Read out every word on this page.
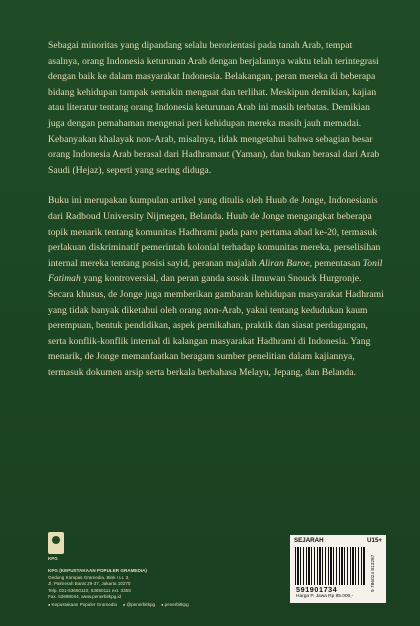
Sebagai minoritas yang dipandang selalu berorientasi pada tanah Arab, tempat asalnya, orang Indonesia keturunan Arab dengan berjalannya waktu telah terintegrasi dengan baik ke dalam masyarakat Indonesia. Belakangan, peran mereka di beberapa bidang kehidupan tampak semakin menguat dan terlihat. Meskipun demikian, kajian atau literatur tentang orang Indonesia keturunan Arab ini masih terbatas. Demikian juga dengan pemahaman mengenai peri kehidupan mereka masih jauh memadai. Kebanyakan khalayak non-Arab, misalnya, tidak mengetahui bahwa sebagian besar orang Indonesia Arab berasal dari Hadhramaut (Yaman), dan bukan berasal dari Arab Saudi (Hejaz), seperti yang sering diduga.

Buku ini merupakan kumpulan artikel yang ditulis oleh Huub de Jonge, Indonesianis dari Radboud University Nijmegen, Belanda. Huub de Jonge mengangkat beberapa topik menarik tentang komunitas Hadhrami pada paro pertama abad ke-20, termasuk perlakuan diskriminatif pemerintah kolonial terhadap komunitas mereka, perselisihan internal mereka tentang posisi sayid, peranan majalah Aliran Baroe, pementasan Tonil Fatimah yang kontroversial, dan peran ganda sosok ilmuwan Snouck Hurgronje. Secara khusus, de Jonge juga memberikan gambaran kehidupan masyarakat Hadhrami yang tidak banyak diketahui oleh orang non-Arab, yakni tentang kedudukan kaum perempuan, bentuk pendidikan, aspek pernikahan, praktik dan siasat perdagangan, serta konflik-konflik internal di kalangan masyarakat Hadhrami di Indonesia. Yang menarik, de Jonge memanfaatkan beragam sumber penelitian dalam kajiannya, termasuk dokumen arsip serta berkala berbahasa Melayu, Jepang, dan Belanda.

KPG
KPG (KEPUSTAKAAN POPULER GRAMEDIA)
Gedung Kompas Gramedia, Blok I Lt. 3,
Jl. Palmerah Barat 29-37, Jakarta 10270
Telp. 021-53650110, 53650111 ext. 3359
Fax. 53698044, www.penerbitkpg.id
● Kepustakaan Populer Gramedia	● @penerbitkpg	● penerbitkpg
SEJARAH	U15+
591901734
Harga P. Jawa Rp 85.000,-
9 786024 813287
